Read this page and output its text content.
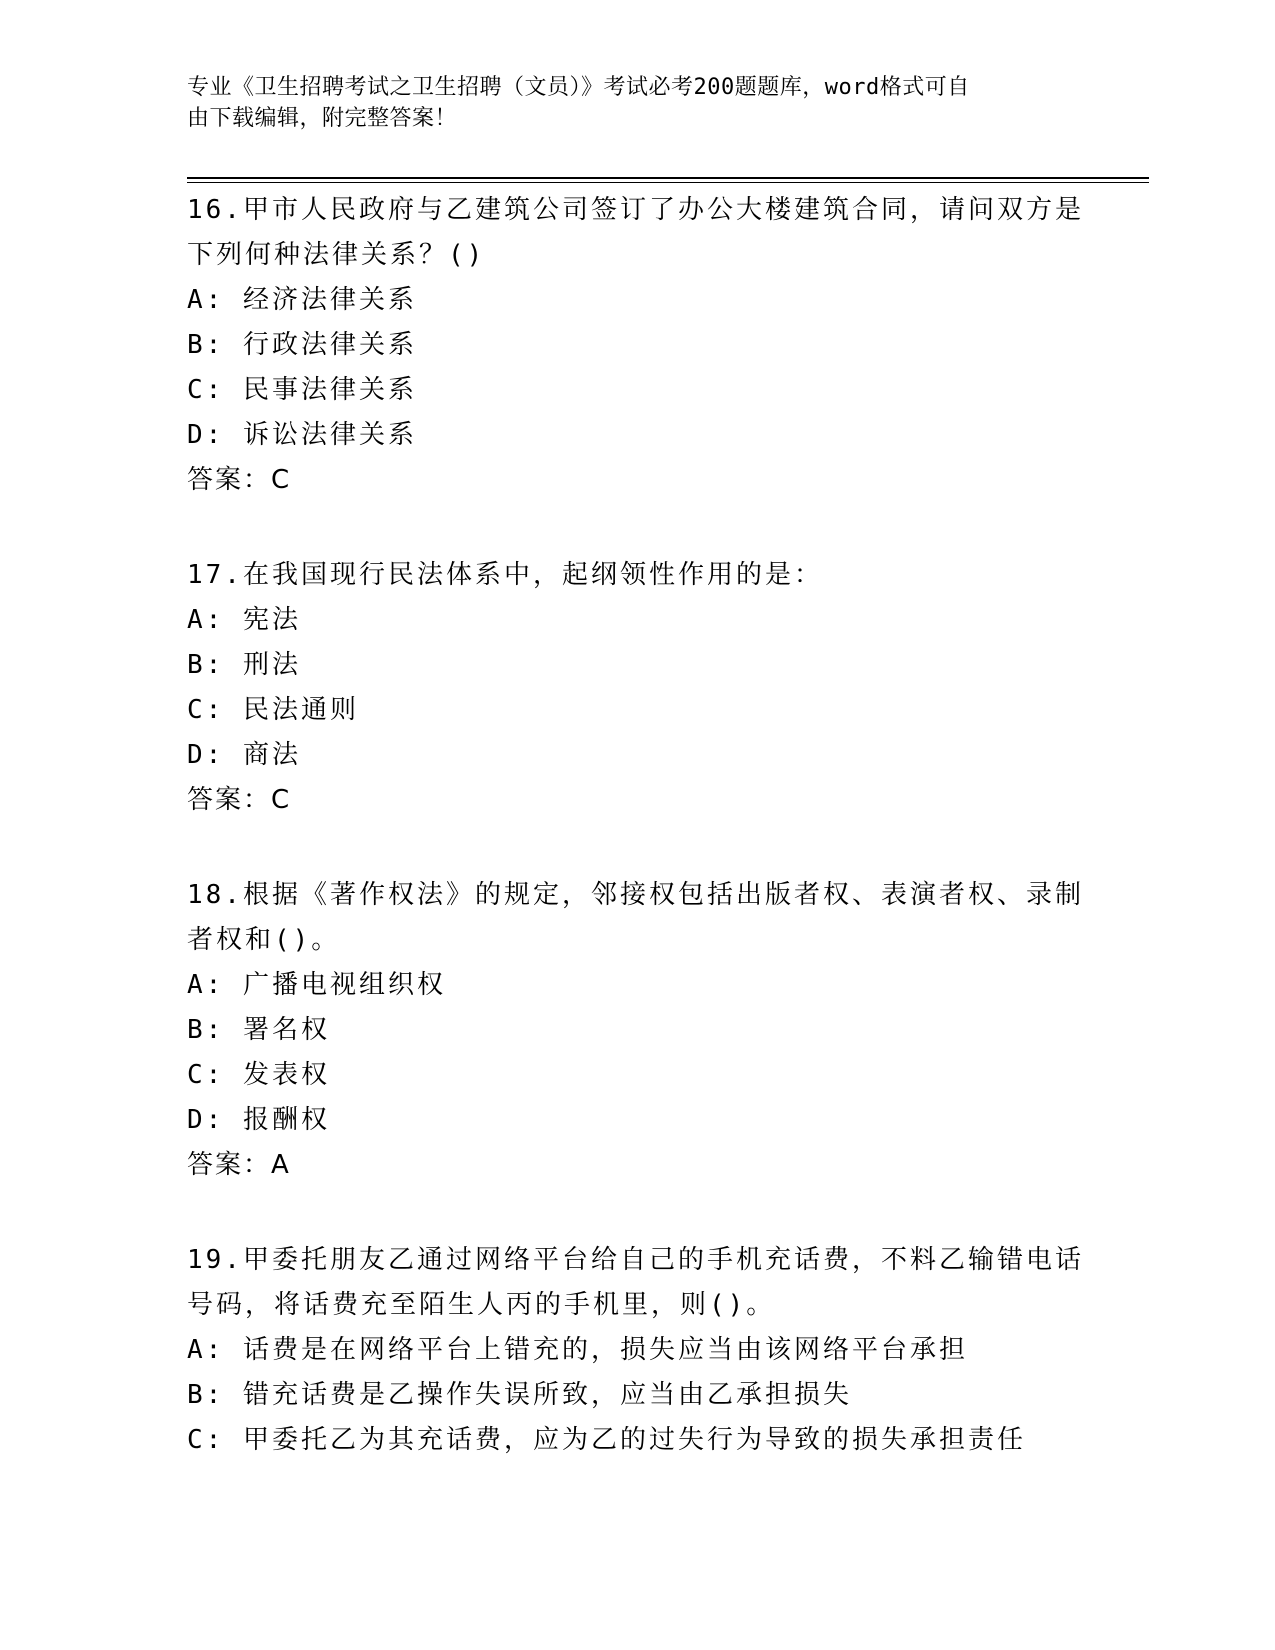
专业《卫生招聘考试之卫生招聘（文员）》考试必考200题题库，word格式可自
由下载编辑，附完整答案！
16.甲市人民政府与乙建筑公司签订了办公大楼建筑合同，请问双方是
下列何种法律关系？()
A: 经济法律关系
B: 行政法律关系
C: 民事法律关系
D: 诉讼法律关系
答案：C
17.在我国现行民法体系中，起纲领性作用的是：
A: 宪法
B: 刑法
C: 民法通则
D: 商法
答案：C
18.根据《著作权法》的规定，邻接权包括出版者权、表演者权、录制
者权和()。
A: 广播电视组织权
B: 署名权
C: 发表权
D: 报酬权
答案：A
19.甲委托朋友乙通过网络平台给自己的手机充话费，不料乙输错电话
号码，将话费充至陌生人丙的手机里，则()。
A: 话费是在网络平台上错充的，损失应当由该网络平台承担
B: 错充话费是乙操作失误所致，应当由乙承担损失
C: 甲委托乙为其充话费，应为乙的过失行为导致的损失承担责任
